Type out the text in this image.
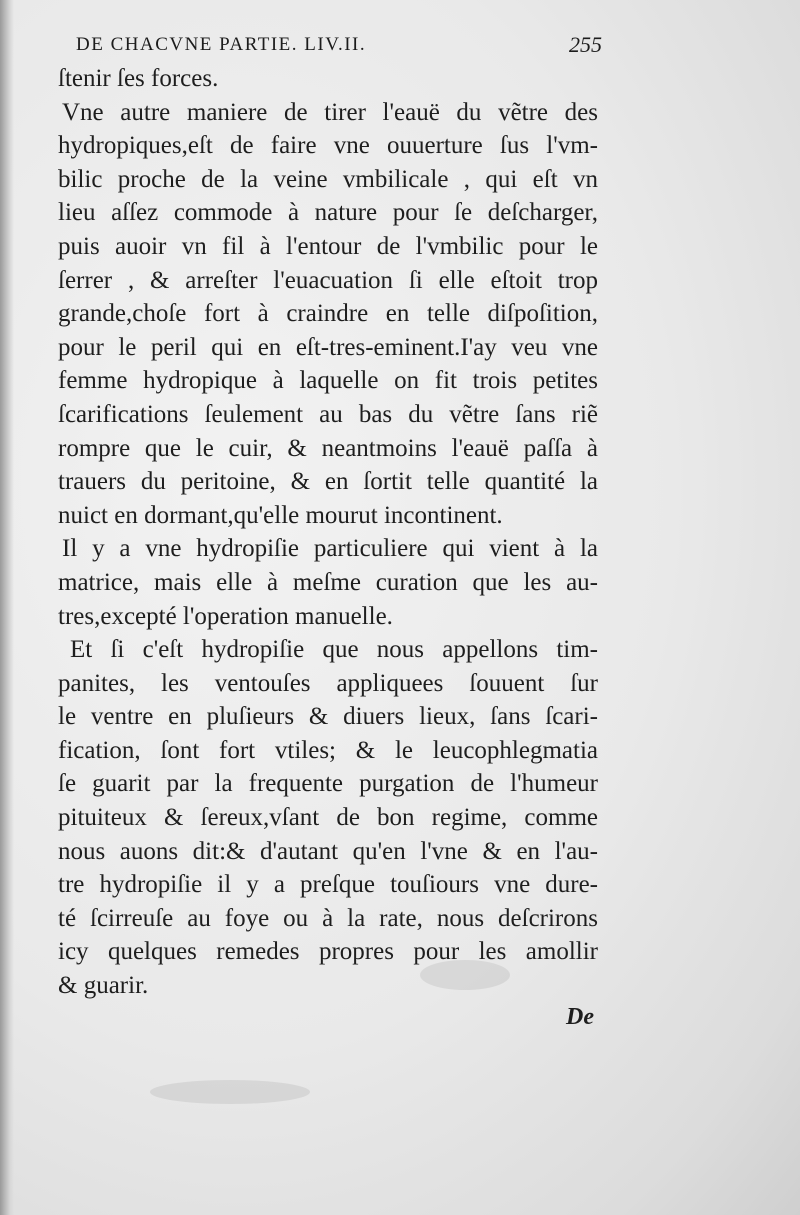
DE CHACVNE PARTIE. LIV.II.	255
ſtenir ſes forces.
Vne autre maniere de tirer l'eauë du vẽtre des
hydropiques,eſt de faire vne ouuerture ſus l'vm-
bilic proche de la veine vmbilicale , qui eſt vn
lieu aſſez commode à nature pour ſe deſcharger,
puis auoir vn fil à l'entour de l'vmbilic pour le
ſerrer , & arreſter l'euacuation ſi elle eſtoit trop
grande,choſe fort à craindre en telle diſpoſition,
pour le peril qui en eſt-tres-eminent.I'ay veu vne
femme hydropique à laquelle on fit trois petites
ſcarifications ſeulement au bas du vẽtre ſans riẽ
rompre que le cuir, & neantmoins l'eauë paſſa à
trauers du peritoine, & en ſortit telle quantité la
nuict en dormant,qu'elle mourut incontinent.
Il y a vne hydropiſie particuliere qui vient à la
matrice, mais elle à meſme curation que les au-
tres,excepté l'operation manuelle.
Et ſi c'eſt hydropiſie que nous appellons tim-
panites, les ventouſes appliquees ſouuent ſur
le ventre en pluſieurs & diuers lieux, ſans ſcari-
fication, ſont fort vtiles; & le leucophlegmatia
ſe guarit par la frequente purgation de l'humeur
pituiteux & ſereux,vſant de bon regime, comme
nous auons dit:& d'autant qu'en l'vne & en l'au-
tre hydropiſie il y a preſque touſiours vne dure-
té ſcirreuſe au foye ou à la rate, nous deſcrirons
icy quelques remedes propres pour les amollir
& guarir.
De
